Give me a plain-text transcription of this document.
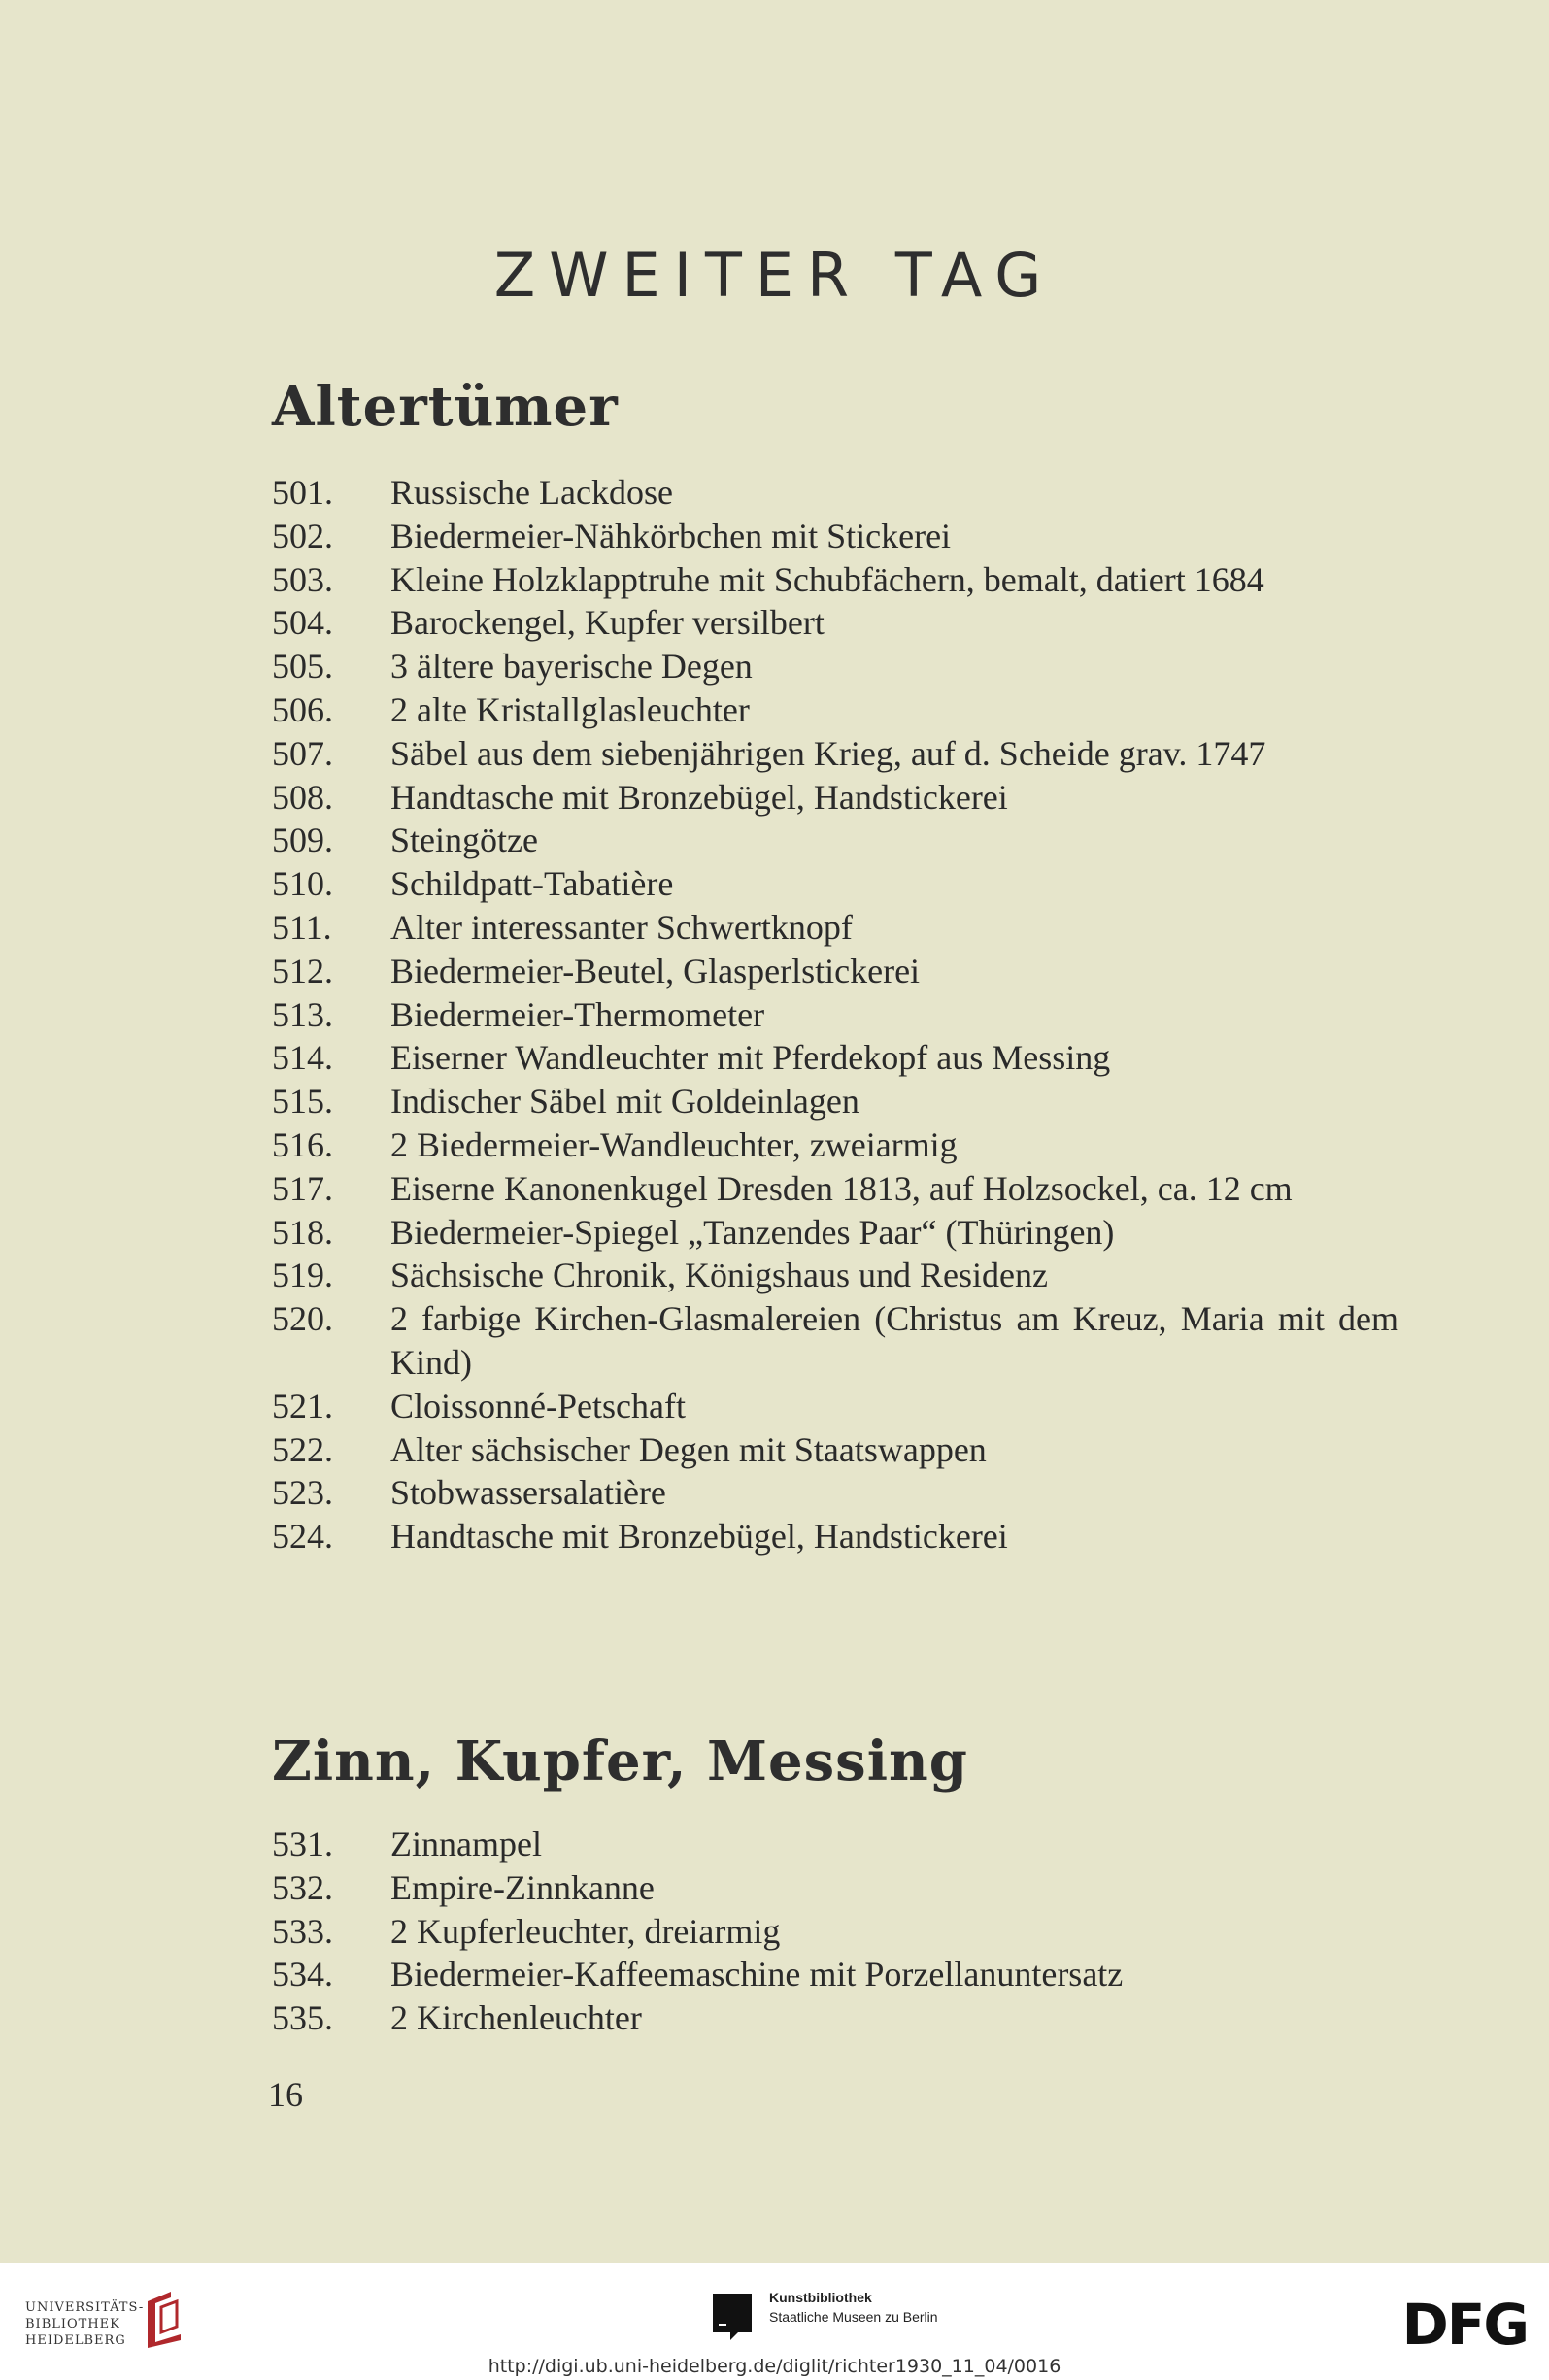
ZWEITER TAG
Altertümer
501.	Russische Lackdose
502.	Biedermeier-Nähkörbchen mit Stickerei
503.	Kleine Holzklapptruhe mit Schubfächern, bemalt, datiert 1684
504.	Barockengel, Kupfer versilbert
505.	3 ältere bayerische Degen
506.	2 alte Kristallglasleuchter
507.	Säbel aus dem siebenjährigen Krieg, auf d. Scheide grav. 1747
508.	Handtasche mit Bronzebügel, Handstickerei
509.	Steingötze
510.	Schildpatt-Tabatière
511.	Alter interessanter Schwertknopf
512.	Biedermeier-Beutel, Glasperlstickerei
513.	Biedermeier-Thermometer
514.	Eiserner Wandleuchter mit Pferdekopf aus Messing
515.	Indischer Säbel mit Goldeinlagen
516.	2 Biedermeier-Wandleuchter, zweiarmig
517.	Eiserne Kanonenkugel Dresden 1813, auf Holzsockel, ca. 12 cm
518.	Biedermeier-Spiegel „Tanzendes Paar“ (Thüringen)
519.	Sächsische Chronik, Königshaus und Residenz
520.	2 farbige Kirchen-Glasmalereien (Christus am Kreuz, Maria mit dem Kind)
521.	Cloissonné-Petschaft
522.	Alter sächsischer Degen mit Staatswappen
523.	Stobwassersalatière
524.	Handtasche mit Bronzebügel, Handstickerei
Zinn, Kupfer, Messing
531.	Zinnampel
532.	Empire-Zinnkanne
533.	2 Kupferleuchter, dreiarmig
534.	Biedermeier-Kaffeemaschine mit Porzellanuntersatz
535.	2 Kirchenleuchter
16
UNIVERSITÄTS-
BIBLIOTHEK
HEIDELBERG
Kunstbibliothek
Staatliche Museen zu Berlin	DFG
http://digi.ub.uni-heidelberg.de/diglit/richter1930_11_04/0016
